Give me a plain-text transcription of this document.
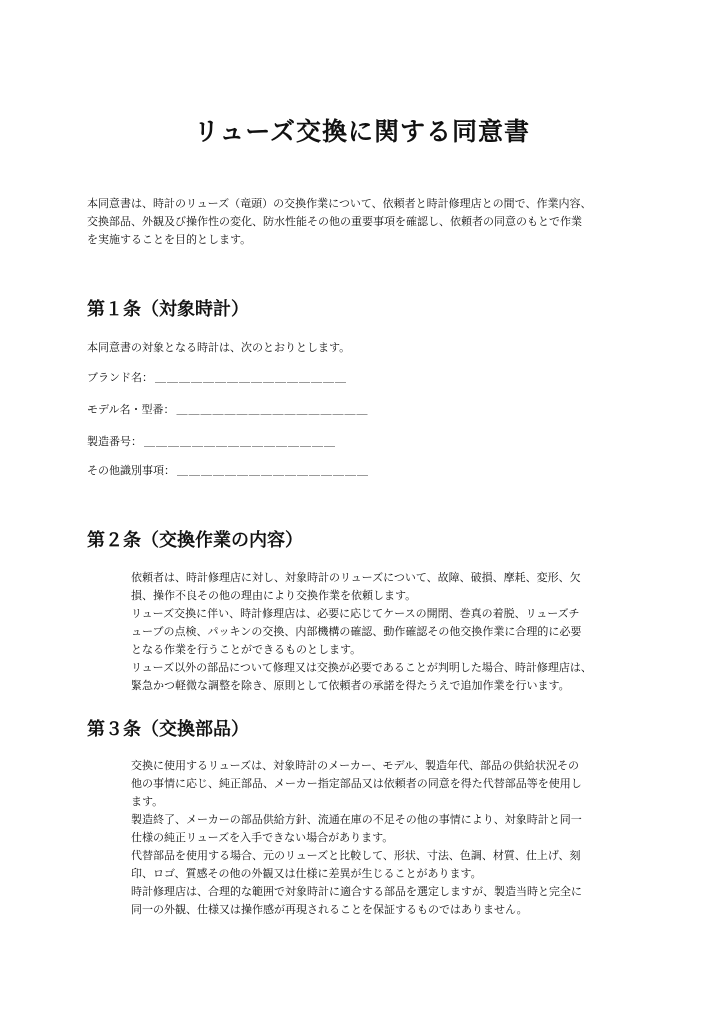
リューズ交換に関する同意書

本同意書は、時計のリューズ（竜頭）の交換作業について、依頼者と時計修理店との間で、作業内容、
交換部品、外観及び操作性の変化、防水性能その他の重要事項を確認し、依頼者の同意のもとで作業
を実施することを目的とします。

第１条（対象時計）

本同意書の対象となる時計は、次のとおりとします。

ブランド名： ＿＿＿＿＿＿＿＿＿＿＿＿＿＿＿＿
モデル名・型番： ＿＿＿＿＿＿＿＿＿＿＿＿＿＿＿＿
製造番号： ＿＿＿＿＿＿＿＿＿＿＿＿＿＿＿＿
その他識別事項： ＿＿＿＿＿＿＿＿＿＿＿＿＿＿＿＿
第２条（交換作業の内容）

依頼者は、時計修理店に対し、対象時計のリューズについて、故障、破損、摩耗、変形、欠
損、操作不良その他の理由により交換作業を依頼します。
リューズ交換に伴い、時計修理店は、必要に応じてケースの開閉、巻真の着脱、リューズチ
ューブの点検、パッキンの交換、内部機構の確認、動作確認その他交換作業に合理的に必要
となる作業を行うことができるものとします。
リューズ以外の部品について修理又は交換が必要であることが判明した場合、時計修理店は、
緊急かつ軽微な調整を除き、原則として依頼者の承諾を得たうえで追加作業を行います。

第３条（交換部品）

交換に使用するリューズは、対象時計のメーカー、モデル、製造年代、部品の供給状況その
他の事情に応じ、純正部品、メーカー指定部品又は依頼者の同意を得た代替部品等を使用し
ます。
製造終了、メーカーの部品供給方針、流通在庫の不足その他の事情により、対象時計と同一
仕様の純正リューズを入手できない場合があります。
代替部品を使用する場合、元のリューズと比較して、形状、寸法、色調、材質、仕上げ、刻
印、ロゴ、質感その他の外観又は仕様に差異が生じることがあります。
時計修理店は、合理的な範囲で対象時計に適合する部品を選定しますが、製造当時と完全に
同一の外観、仕様又は操作感が再現されることを保証するものではありません。
